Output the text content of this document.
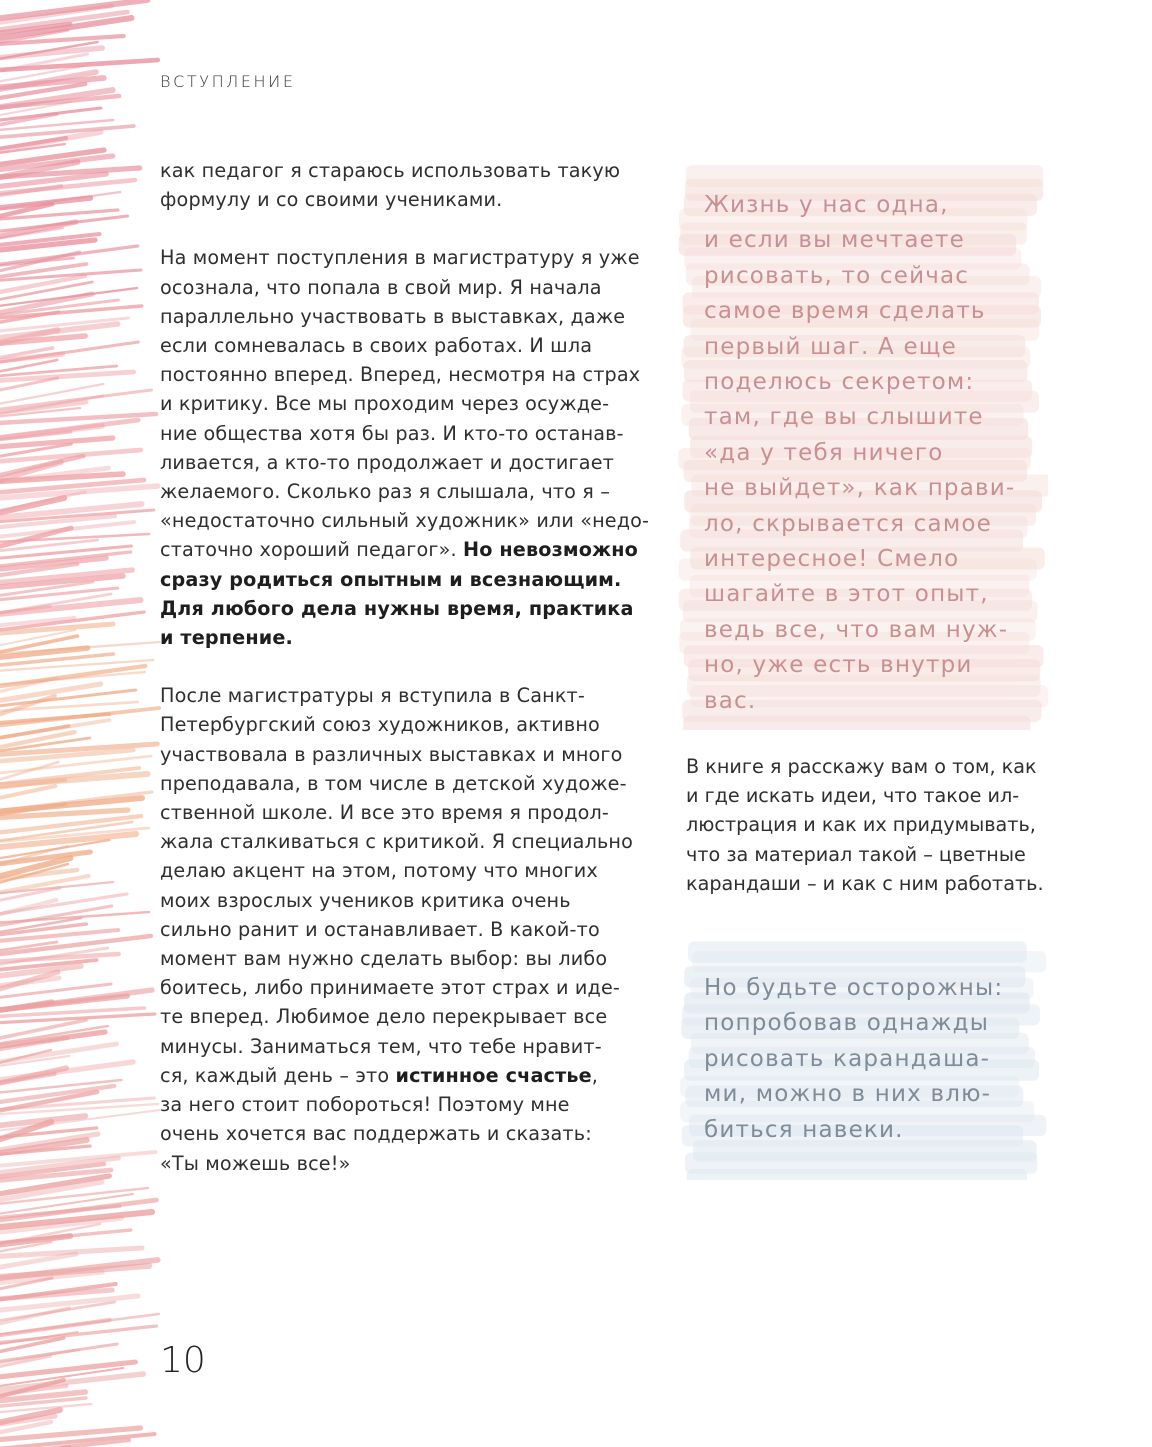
ВСТУПЛЕНИЕ

как педагог я стараюсь использовать такую
формулу и со своими учениками.

На момент поступления в магистратуру я уже
осознала, что попала в свой мир. Я начала
параллельно участвовать в выставках, даже
если сомневалась в своих работах. И шла
постоянно вперед. Вперед, несмотря на страх
и критику. Все мы проходим через осужде-
ние общества хотя бы раз. И кто-то останав-
ливается, а кто-то продолжает и достигает
желаемого. Сколько раз я слышала, что я –
«недостаточно сильный художник» или «недо-
статочно хороший педагог». Но невозможно
сразу родиться опытным и всезнающим.
Для любого дела нужны время, практика
и терпение.

После магистратуры я вступила в Санкт-
Петербургский союз художников, активно
участвовала в различных выставках и много
преподавала, в том числе в детской художе-
ственной школе. И все это время я продол-
жала сталкиваться с критикой. Я специально
делаю акцент на этом, потому что многих
моих взрослых учеников критика очень
сильно ранит и останавливает. В какой-то
момент вам нужно сделать выбор: вы либо
боитесь, либо принимаете этот страх и иде-
те вперед. Любимое дело перекрывает все
минусы. Заниматься тем, что тебе нравит-
ся, каждый день – это истинное счастье,
за него стоит побороться! Поэтому мне
очень хочется вас поддержать и сказать:
«Ты можешь все!»

Жизнь у нас одна,
и если вы мечтаете
рисовать, то сейчас
самое время сделать
первый шаг. А еще
поделюсь секретом:
там, где вы слышите
«да у тебя ничего
не выйдет», как прави-
ло, скрывается самое
интересное! Смело
шагайте в этот опыт,
ведь все, что вам нуж-
но, уже есть внутри
вас.
В книге я расскажу вам о том, как
и где искать идеи, что такое ил-
люстрация и как их придумывать,
что за материал такой – цветные
карандаши – и как с ним работать.
Но будьте осторожны:
попробовав однажды
рисовать карандаша-
ми, можно в них влю-
биться навеки.
10
